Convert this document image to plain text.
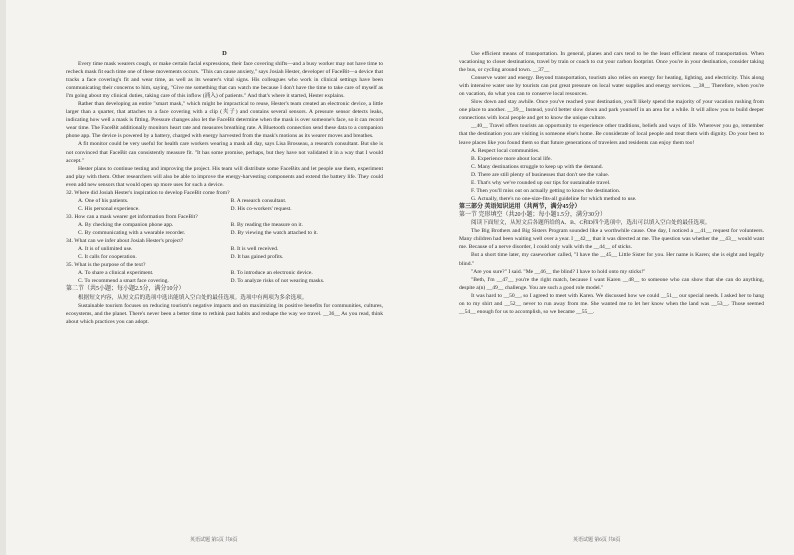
D

Every time mask wearers cough, or make certain facial expressions, their face covering shifts—and a busy worker may not have time to recheck mask fit each time one of these movements occurs. "This can cause anxiety," says Josiah Hester, developer of FaceBit—a device that tracks a face covering's fit and wear time, as well as its wearer's vital signs. His colleagues who work in clinical settings have been communicating their concerns to him, saying, "Give me something that can watch me because I don't have the time to take care of myself as I'm going about my clinical duties, taking care of this inflow (涌入) of patients." And that's where it started, Hester explains.

Rather than developing an entire "smart mask," which might be impractical to reuse, Hester's team created an electronic device, a little larger than a quarter, that attaches to a face covering with a clip (夹子) and contains several sensors. A pressure sensor detects leaks, indicating how well a mask is fitting. Pressure changes also let the FaceBit determine when the mask is over someone's face, so it can record wear time. The FaceBit additionally monitors heart rate and measures breathing rate. A Bluetooth connection send these data to a companion phone app. The device is powered by a battery, charged with energy harvested from the mask's motions as its wearer moves and breathes.

A fit monitor could be very useful for health care workers wearing a mask all day, says Lisa Brosseau, a research consultant. But she is not convinced that FaceBit can consistently measure fit. "It has some promise, perhaps, but they have not validated it in a way that I would accept."

Hester plans to continue testing and improving the project. His team will distribute some FaceBits and let people use them, experiment and play with them. Other researchers will also be able to improve the energy-harvesting components and extend the battery life. They could even add new sensors that would open up more uses for such a device.

32. Where did Josiah Hester's inspiration to develop FaceBit come from?
A. One of his patients.	B. A research consultant.
C. His personal experience.	D. His co-workers' request.
33. How can a mask wearer get information from FaceBit?
A. By checking the companion phone app.	B. By reading the measure on it.
C. By communicating with a wearable recorder.	D. By viewing the watch attached to it.
34. What can we infer about Josiah Hester's project?
A. It is of unlimited use.	B. It is well received.
C. It calls for cooperation.	D. It has gained profits.
35. What is the purpose of the text?
A. To share a clinical experiment.	B. To introduce an electronic device.
C. To recommend a smart face covering.	D. To analyze risks of not wearing masks.
第二节（共5小题；每小题2.5分，满分10分）

根据短文内容，从短文后的选项中选出能填入空白处的最佳选项。选项中有两项为多余选项。

Sustainable tourism focuses on reducing tourism's negative impacts and on maximizing its positive benefits for communities, cultures, ecosystems, and the planet. There's never been a better time to rethink past habits and reshape the way we travel. __36__ As you read, think about which practices you can adopt.

英语试题 第5页 共8页

Use efficient means of transportation. In general, planes and cars tend to be the least efficient means of transportation. When vacationing to closer destinations, travel by train or coach to cut your carbon footprint. Once you're in your destination, consider taking the bus, or cycling around town. __37__

Conserve water and energy. Beyond transportation, tourism also relies on energy for heating, lighting, and electricity. This along with intensive water use by tourists can put great pressure on local water supplies and energy services. __38__ Therefore, when you're on vacation, do what you can to conserve local resources.

Slow down and stay awhile. Once you've reached your destination, you'll likely spend the majority of your vacation rushing from one place to another. __39__ Instead, you'd better slow down and park yourself in an area for a while. It will allow you to build deeper connections with local people and get to know the unique culture.

__40__ Travel offers tourists an opportunity to experience other traditions, beliefs and ways of life. Wherever you go, remember that the destination you are visiting is someone else's home. Be considerate of local people and treat them with dignity. Do your best to leave places like you found them so that future generations of travelers and residents can enjoy them too!

A. Respect local communities.
B. Experience more about local life.
C. Many destinations struggle to keep up with the demand.
D. There are still plenty of businesses that don't see the value.
E. That's why we've rounded up our tips for sustainable travel.
F. Then you'll miss out on actually getting to know the destination.
G. Actually, there's no one-size-fits-all guideline for which method to use.
第三部分 英语知识运用（共两节，满分45分）
第一节 完形填空（共20小题；每小题1.5分，满分30分）

阅读下面短文，从短文后各题所给的A、B、C和D四个选项中，选出可以填入空白处的最佳选项。

The Big Brothers and Big Sisters Program sounded like a worthwhile cause. One day, I noticed a __41__ request for volunteers. Many children had been waiting well over a year. I __42__ that it was directed at me. The question was whether the __43__ would want me. Because of a nerve disorder, I could only walk with the __44__ of sticks.

But a short time later, my caseworker called, "I have the __45__ Little Sister for you. Her name is Karen; she is eight and legally blind."

"Are you sure?" I said. "Me __46__ the blind? I have to hold onto my sticks!"

"Beth, I'm __47__ you're the right match, because I want Karen __48__ to someone who can show that she can do anything, despite a(n) __49__ challenge. You are such a good role model."

It was hard to __50__, so I agreed to meet with Karen. We discussed how we could __51__ our special needs. I asked her to hang on to my shirt and __52__ never to run away from me. She wanted me to let her know when the land was __53__. Those seemed __54__ enough for us to accomplish, so we became __55__.

英语试题 第6页 共8页
